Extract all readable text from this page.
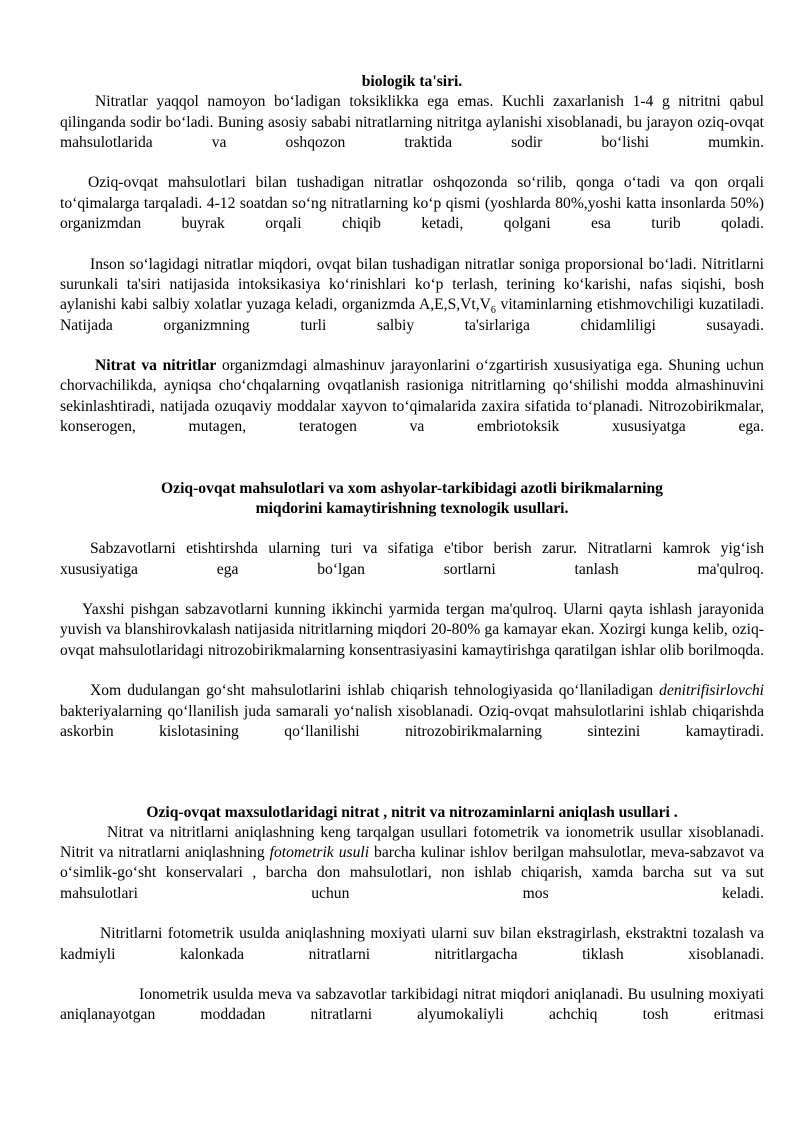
biologik ta'siri.

Nitratlar yaqqol namoyon bo‘ladigan toksiklikka ega emas. Kuchli zaxarlanish 1-4 g nitritni qabul qilinganda sodir bo‘ladi. Buning asosiy sababi nitratlarning nitritga aylanishi xisoblanadi, bu jarayon oziq-ovqat mahsulotlarida va oshqozon traktida sodir bo‘lishi mumkin.

Oziq-ovqat mahsulotlari bilan tushadigan nitratlar oshqozonda so‘rilib, qonga o‘tadi va qon orqali to‘qimalarga tarqaladi. 4-12 soatdan so‘ng nitratlarning ko‘p qismi (yoshlarda 80%,yoshi katta insonlarda 50%) organizmdan buyrak orqali chiqib ketadi, qolgani esa turib qoladi.

Inson so‘lagidagi nitratlar miqdori, ovqat bilan tushadigan nitratlar soniga proporsional bo‘ladi. Nitritlarni surunkali ta'siri natijasida intoksikasiya ko‘rinishlari ko‘p terlash, terining ko‘karishi, nafas siqishi, bosh aylanishi kabi salbiy xolatlar yuzaga keladi, organizmda $A,E,S,Vt,V_6$ vitaminlarning etishmovchiligi kuzatiladi. Natijada organizmning turli salbiy ta'sirlariga chidamliligi susayadi.

Nitrat va nitritlar organizmdagi almashinuv jarayonlarini o‘zgartirish xususiyatiga ega. Shuning uchun chorvachilikda, ayniqsa cho‘chqalarning ovqatlanish rasioniga nitritlarning qo‘shilishi modda almashinuvini sekinlashtiradi, natijada ozuqaviy moddalar xayvon to‘qimalarida zaxira sifatida to‘planadi. Nitrozobirikmalar, konserogen, mutagen, teratogen va embriotoksik xususiyatga ega.

Oziq-ovqat mahsulotlari va xom ashyolar-tarkibidagi azotli birikmalarning

miqdorini kamaytirishning texnologik usullari.

Sabzavotlarni etishtirshda ularning turi va sifatiga e'tibor berish zarur. Nitratlarni kamrok yig‘ish xususiyatiga ega bo‘lgan sortlarni tanlash ma'qulroq.

Yaxshi pishgan sabzavotlarni kunning ikkinchi yarmida tergan ma'qulroq. Ularni qayta ishlash jarayonida yuvish va blanshirovkalash natijasida nitritlarning miqdori 20-80% ga kamayar ekan. Xozirgi kunga kelib, oziq-ovqat mahsulotlaridagi nitrozobirikmalarning konsentrasiyasini kamaytirishga qaratilgan ishlar olib borilmoqda.

Xom dudulangan go‘sht mahsulotlarini ishlab chiqarish tehnologiyasida qo‘llaniladigan denitrifisirlovchi bakteriyalarning qo‘llanilish juda samarali yo‘nalish xisoblanadi. Oziq-ovqat mahsulotlarini ishlab chiqarishda askorbin kislotasining qo‘llanilishi nitrozobirikmalarning sintezini kamaytiradi.

Oziq-ovqat maxsulotlaridagi nitrat , nitrit va nitrozaminlarni aniqlash usullari .

Nitrat va nitritlarni aniqlashning keng tarqalgan usullari fotometrik va ionometrik usullar xisoblanadi. Nitrit va nitratlarni aniqlashning fotometrik usuli barcha kulinar ishlov berilgan mahsulotlar, meva-sabzavot va o‘simlik-go‘sht konservalari , barcha don mahsulotlari, non ishlab chiqarish, xamda barcha sut va sut mahsulotlari uchun mos keladi.

Nitritlarni fotometrik usulda aniqlashning moxiyati ularni suv bilan ekstragirlash, ekstraktni tozalash va kadmiyli kalonkada nitratlarni nitritlargacha tiklash xisoblanadi.

Ionometrik usulda meva va sabzavotlar tarkibidagi nitrat miqdori aniqlanadi. Bu usulning moxiyati aniqlanayotgan moddadan nitratlarni alyumokaliyli achchiq tosh eritmasi
